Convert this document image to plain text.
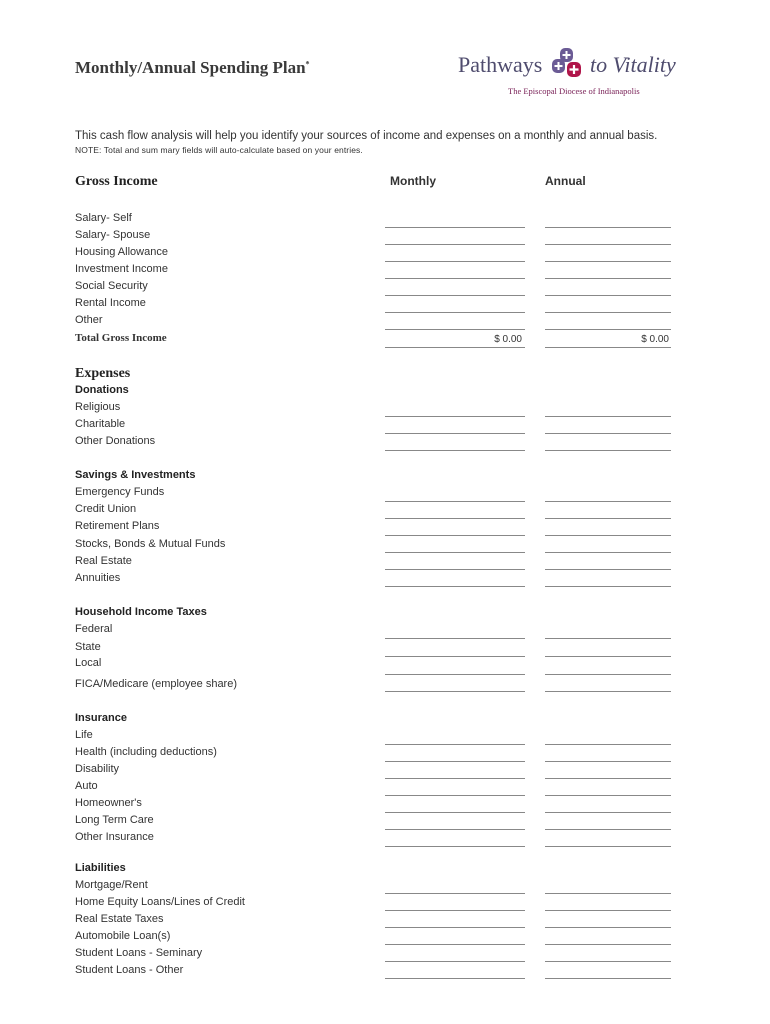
Monthly/Annual Spending Plan*	Pathways to Vitality
The Episcopal Diocese of Indianapolis
This cash flow analysis will help you identify your sources of income and expenses on a monthly and annual basis.
NOTE: Total and sum mary fields will auto-calculate based on your entries.
Gross Income	Monthly	Annual
Salary- Self
Salary- Spouse
Housing Allowance
Investment Income
Social Security
Rental Income
Other
Total Gross Income	$ 0.00	$ 0.00
Expenses
Donations
Religious
Charitable
Other Donations
Savings & Investments
Emergency Funds
Credit Union
Retirement Plans
Stocks, Bonds & Mutual Funds
Real Estate
Annuities
Household Income Taxes
Federal
State
Local
FICA/Medicare (employee share)
Insurance
Life
Health (including deductions)
Disability
Auto
Homeowner's
Long Term Care
Other Insurance
Liabilities
Mortgage/Rent
Home Equity Loans/Lines of Credit
Real Estate Taxes
Automobile Loan(s)
Student Loans - Seminary
Student Loans - Other
